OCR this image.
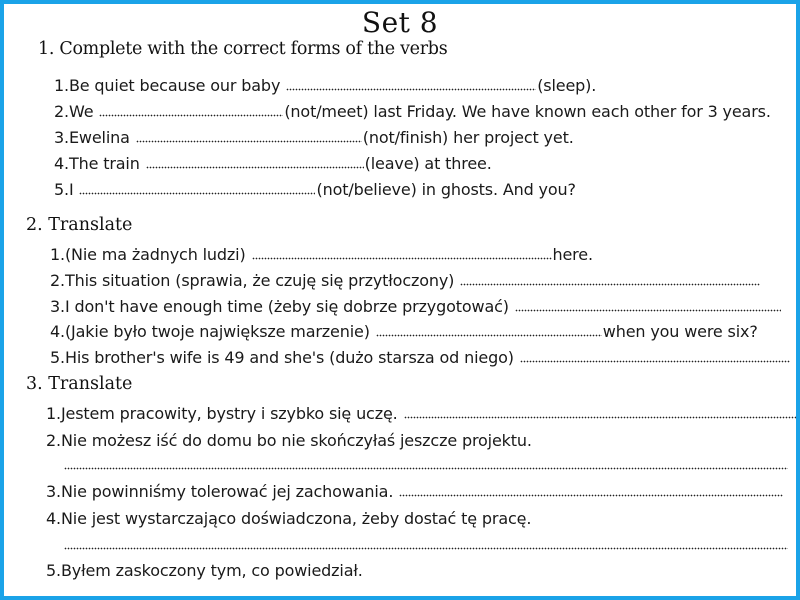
Set 8
1. Complete with the correct forms of the verbs
1.Be quiet because our baby	(sleep).
2.We	(not/meet) last Friday. We have known each other for 3 years.
3.Ewelina	(not/finish) her project yet.
4.The train	(leave) at three.
5.I	(not/believe) in ghosts. And you?
2. Translate
1.(Nie ma żadnych ludzi)	here.
2.This situation (sprawia, że czuję się przytłoczony)
3.I don't have enough time (żeby się dobrze przygotować)
4.(Jakie było twoje największe marzenie)	when you were six?
5.His brother's wife is 49 and she's (dużo starsza od niego)
3. Translate
1.Jestem pracowity, bystry i szybko się uczę.
2.Nie możesz iść do domu bo nie skończyłaś jeszcze projektu.
3.Nie powinniśmy tolerować jej zachowania.
4.Nie jest wystarczająco doświadczona, żeby dostać tę pracę.
5.Byłem zaskoczony tym, co powiedział.
